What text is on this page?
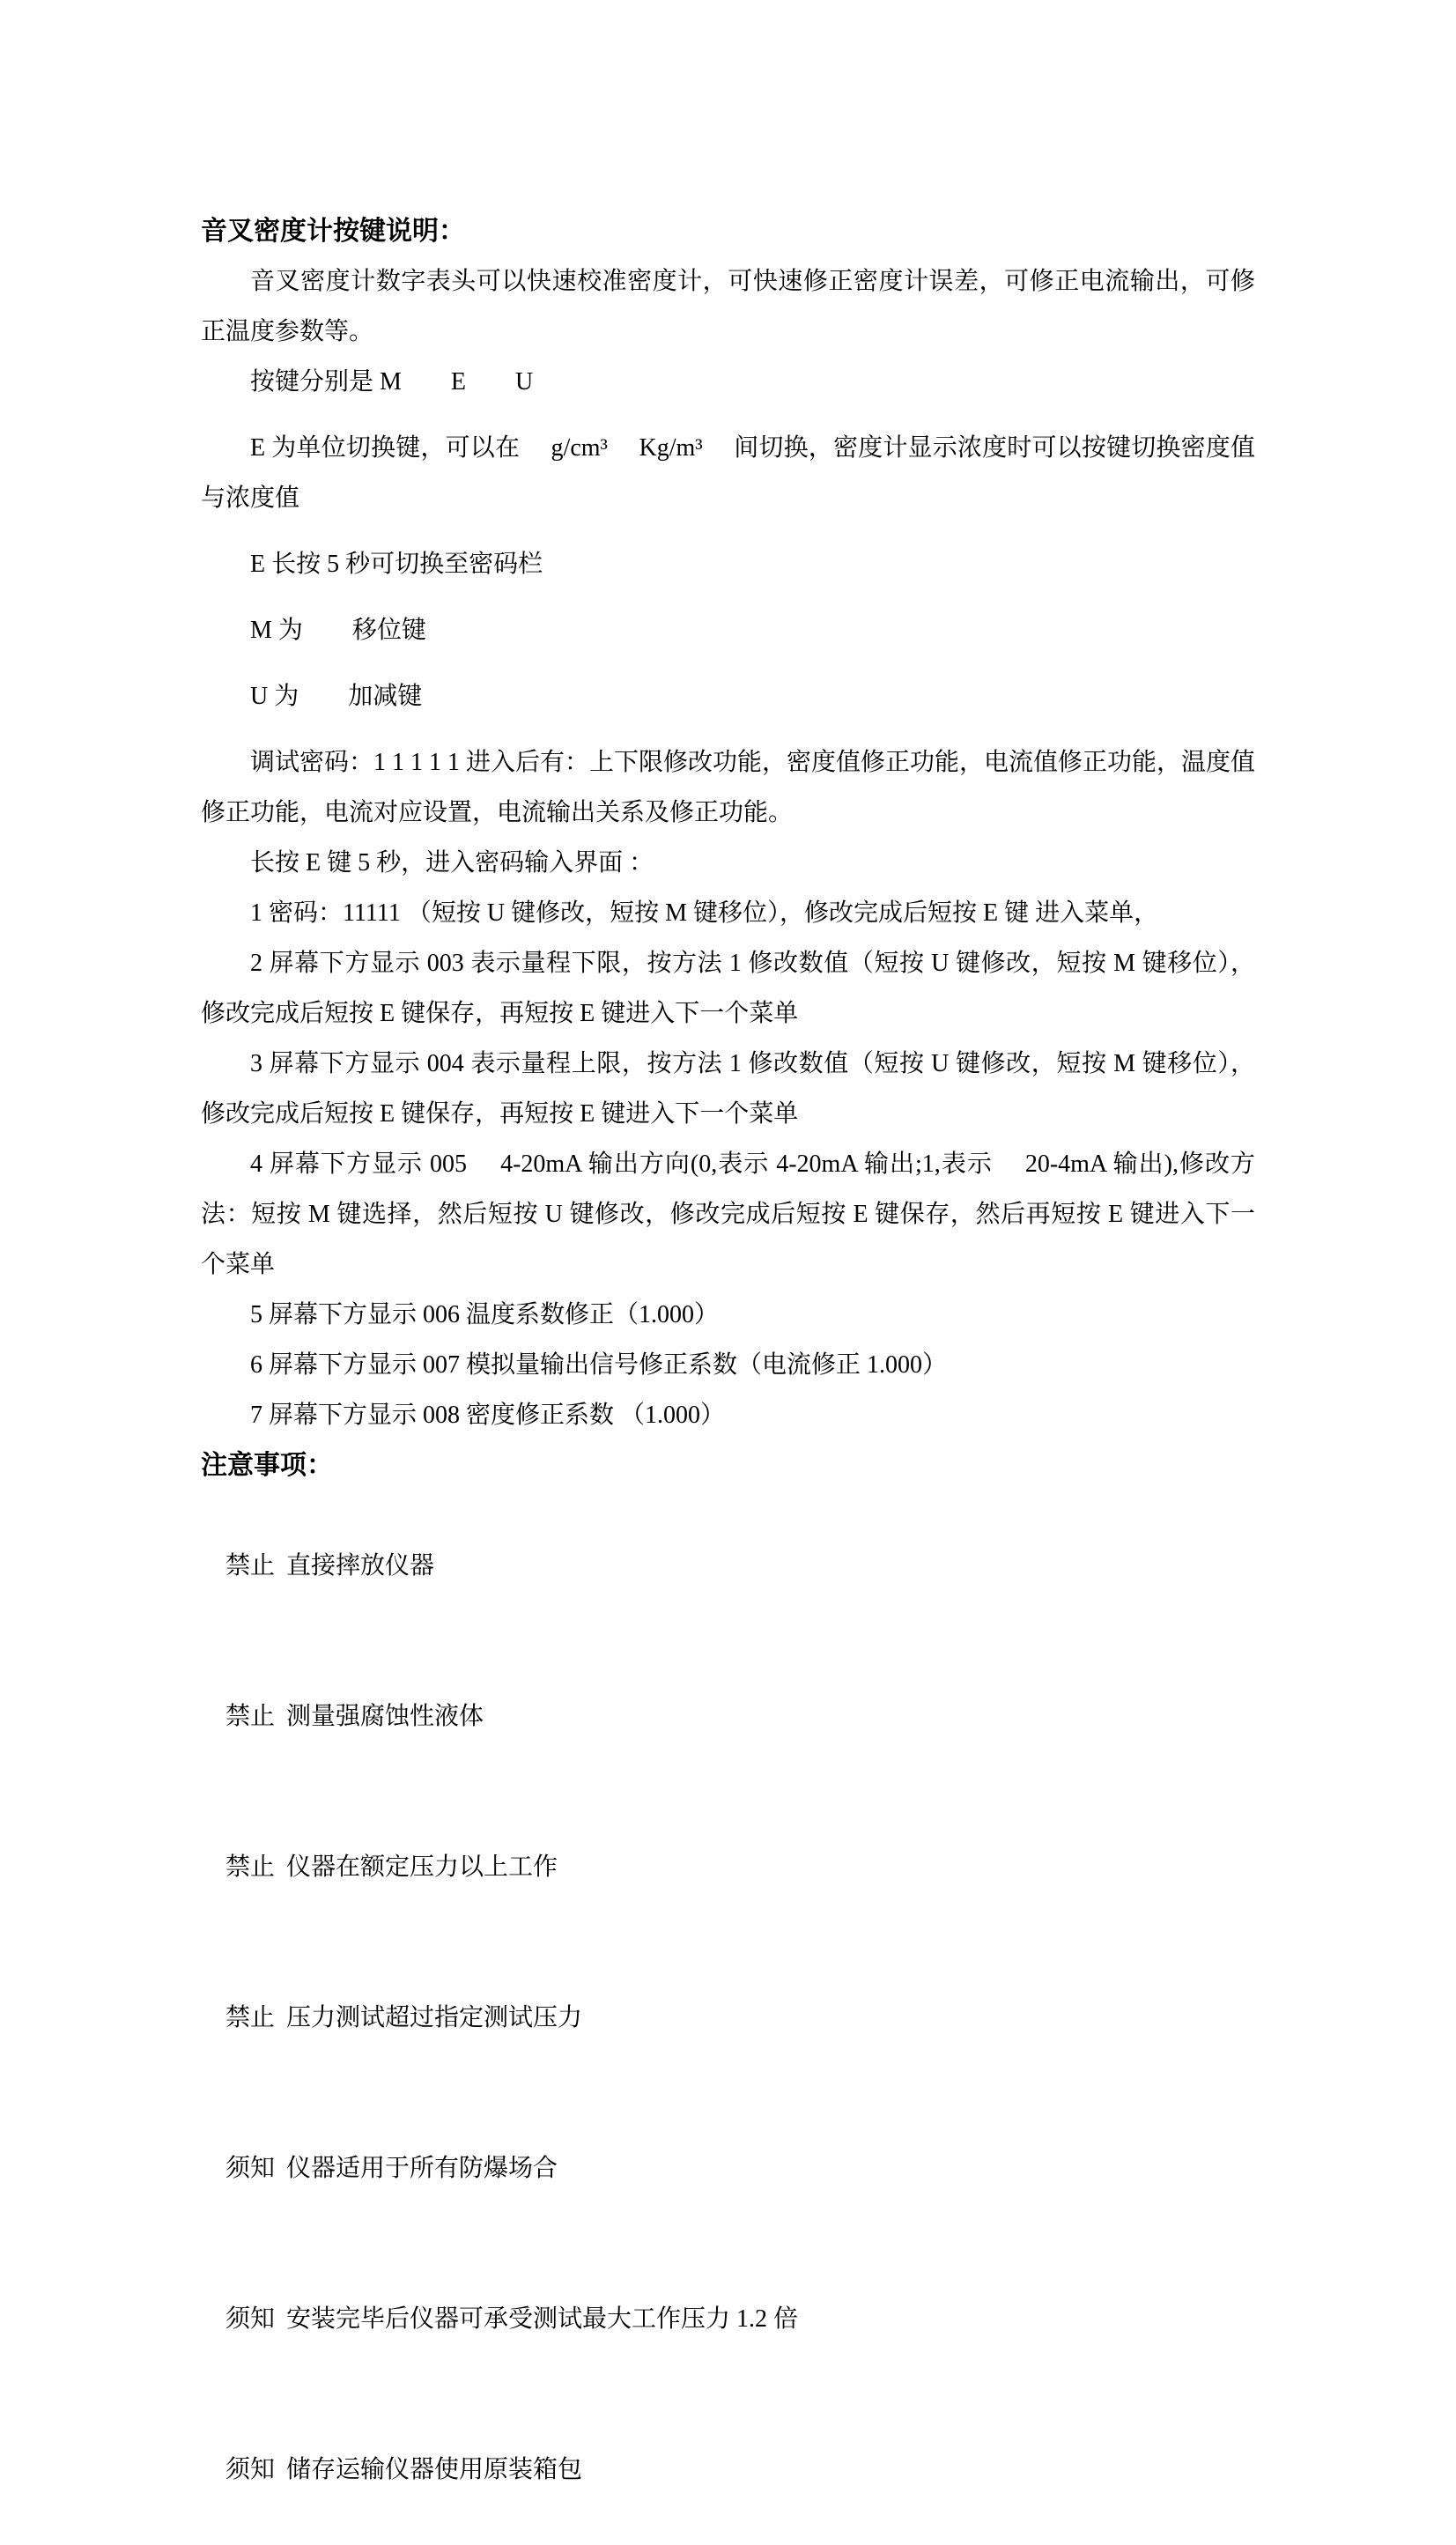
音叉密度计按键说明：

音叉密度计数字表头可以快速校准密度计，可快速修正密度计误差，可修正电流输出，可修正温度参数等。

按键分别是 M　　E　　U

E 为单位切换键，可以在　 g/cm³　 Kg/m³　 间切换，密度计显示浓度时可以按键切换密度值与浓度值

E 长按 5 秒可切换至密码栏

M 为　　移位键

U 为　　加减键

调试密码：1 1 1 1 1 进入后有：上下限修改功能，密度值修正功能，电流值修正功能，温度值修正功能，电流对应设置，电流输出关系及修正功能。

长按 E 键 5 秒，进入密码输入界面 ：

1 密码：11111 （短按 U 键修改，短按 M 键移位），修改完成后短按 E 键 进入菜单，

2 屏幕下方显示 003 表示量程下限，按方法 1 修改数值（短按 U 键修改，短按 M 键移位），修改完成后短按 E 键保存，再短按 E 键进入下一个菜单

3 屏幕下方显示 004 表示量程上限，按方法 1 修改数值（短按 U 键修改，短按 M 键移位），修改完成后短按 E 键保存，再短按 E 键进入下一个菜单

4 屏幕下方显示 005　 4-20mA 输出方向(0,表示 4-20mA 输出;1,表示　 20-4mA 输出),修改方法：短按 M 键选择，然后短按 U 键修改，修改完成后短按 E 键保存，然后再短按 E 键进入下一个菜单

5 屏幕下方显示 006 温度系数修正（1.000）

6 屏幕下方显示 007 模拟量输出信号修正系数（电流修正 1.000）

7 屏幕下方显示 008 密度修正系数 （1.000）

注意事项：

禁止 直接摔放仪器

禁止 测量强腐蚀性液体

禁止 仪器在额定压力以上工作

禁止 压力测试超过指定测试压力

须知 仪器适用于所有防爆场合

须知 安装完毕后仪器可承受测试最大工作压力 1.2 倍

须知 储存运输仪器使用原装箱包
